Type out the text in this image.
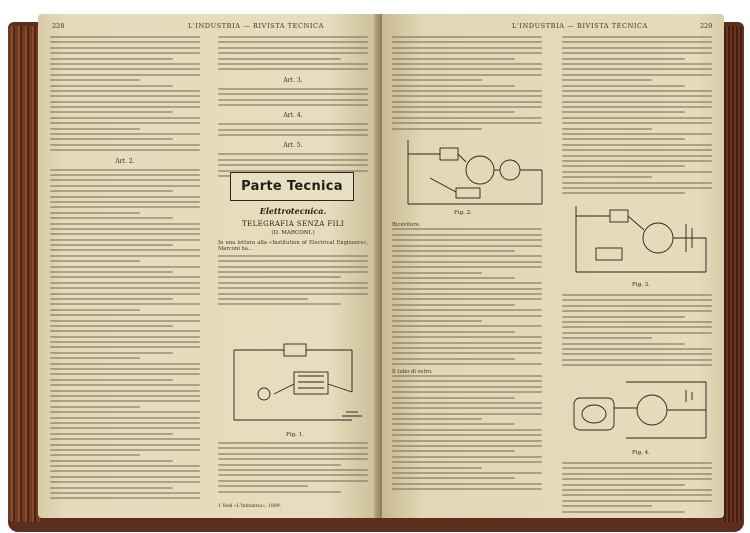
228	L'INDUSTRIA — RIVISTA TECNICA
Art. 2.
Art. 3.
Art. 4.
Art. 5.
Parte Tecnica
Elettrotecnica.
TELEGRAFIA SENZA FILI
(D. MARCONI.)
In una lettura alla «Institution of Electrical Engineers», Marconi ha...
Fig. 1.
1 Vedi «L'Industria», 1899.
L'INDUSTRIA — RIVISTA TECNICA	229
Fig. 2.
Ricevitore.
Il tubo di vetro.
Fig. 3.
Fig. 4.
